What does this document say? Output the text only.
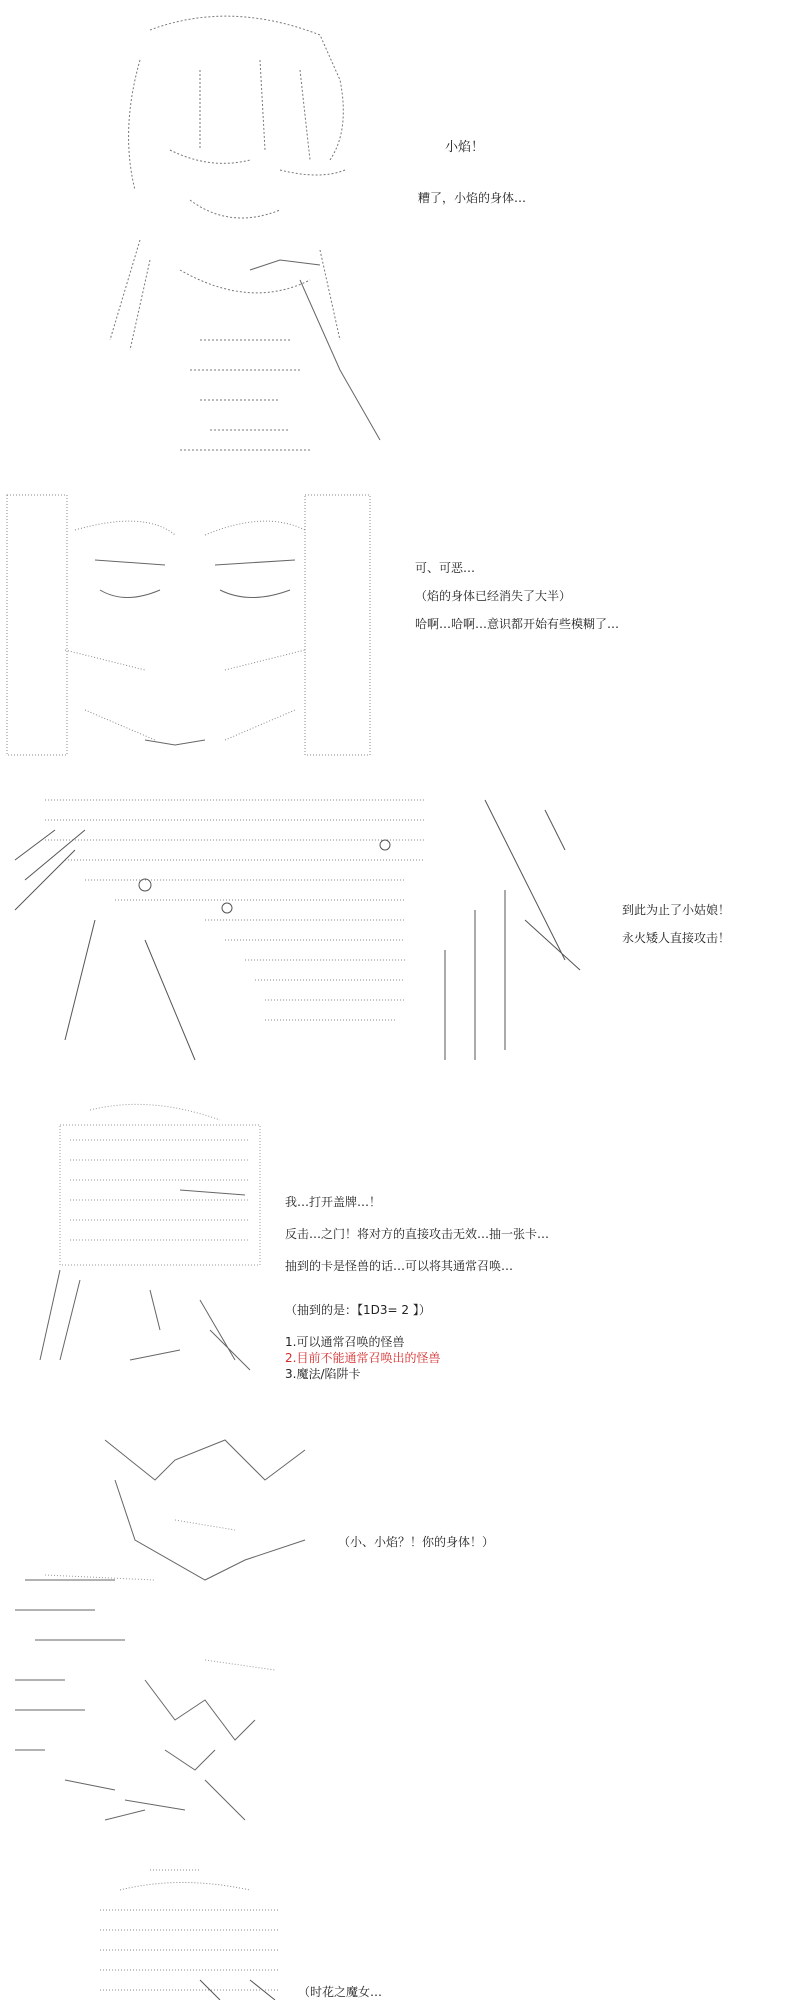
小焰！
糟了，小焰的身体…

可、可恶…
（焰的身体已经消失了大半）
哈啊…哈啊…意识都开始有些模糊了…

到此为止了小姑娘！
永火矮人直接攻击！

我…打开盖牌…！
反击…之门！将对方的直接攻击无效…抽一张卡…
抽到的卡是怪兽的话…可以将其通常召唤…
（抽到的是：【1D3= 2 】）
1.可以通常召唤的怪兽
2.目前不能通常召唤出的怪兽
3.魔法/陷阱卡

（小、小焰？！你的身体！）

（时花之魔女…
